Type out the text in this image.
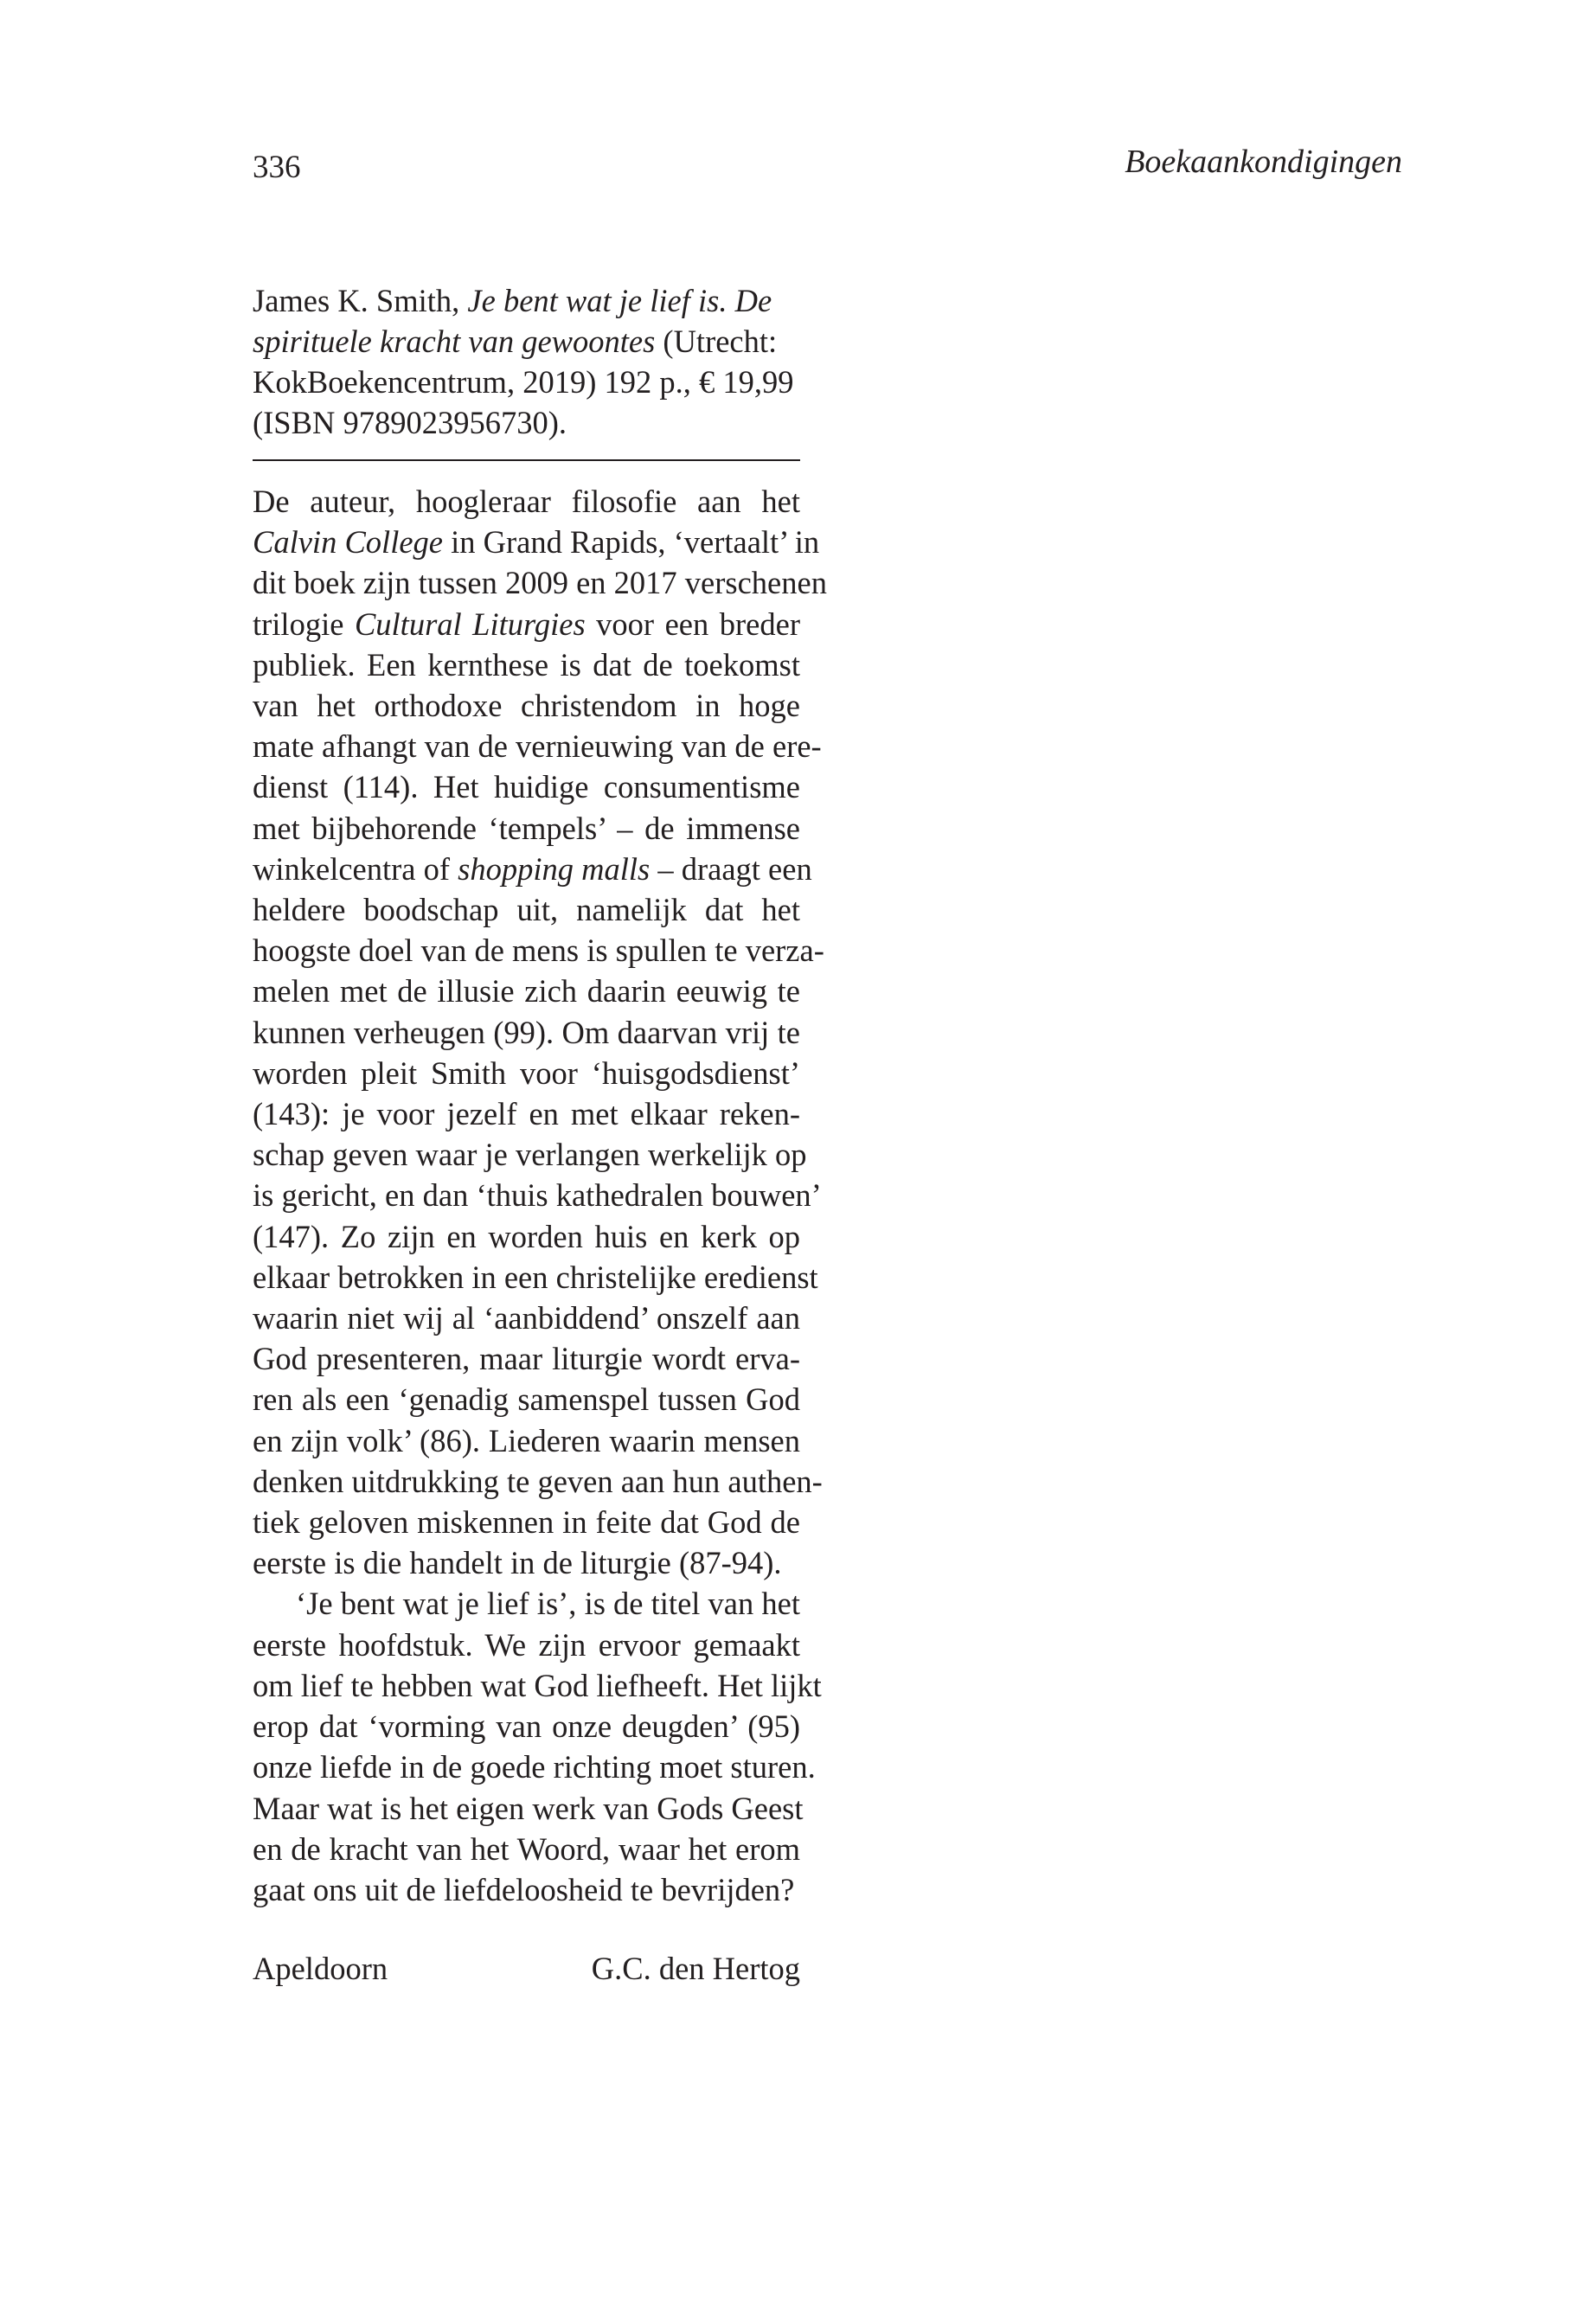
336	Boekaankondigingen
James K. Smith, Je bent wat je lief is. De
spirituele kracht van gewoontes (Utrecht:
KokBoekencentrum, 2019) 192 p., € 19,99
(ISBN 9789023956730).
De auteur, hoogleraar filosofie aan het
Calvin College in Grand Rapids, ‘vertaalt’ in
dit boek zijn tussen 2009 en 2017 verschenen
trilogie Cultural Liturgies voor een breder
publiek. Een kernthese is dat de toekomst
van het orthodoxe christendom in hoge
mate afhangt van de vernieuwing van de ere-
dienst (114). Het huidige consumentisme
met bijbehorende ‘tempels’ – de immense
winkelcentra of shopping malls – draagt een
heldere boodschap uit, namelijk dat het
hoogste doel van de mens is spullen te verza-
melen met de illusie zich daarin eeuwig te
kunnen verheugen (99). Om daarvan vrij te
worden pleit Smith voor ‘huisgodsdienst’
(143): je voor jezelf en met elkaar reken-
schap geven waar je verlangen werkelijk op
is gericht, en dan ‘thuis kathedralen bouwen’
(147). Zo zijn en worden huis en kerk op
elkaar betrokken in een christelijke eredienst
waarin niet wij al ‘aanbiddend’ onszelf aan
God presenteren, maar liturgie wordt erva-
ren als een ‘genadig samenspel tussen God
en zijn volk’ (86). Liederen waarin mensen
denken uitdrukking te geven aan hun authen-
tiek geloven miskennen in feite dat God de
eerste is die handelt in de liturgie (87-94).
‘Je bent wat je lief is’, is de titel van het
eerste hoofdstuk. We zijn ervoor gemaakt
om lief te hebben wat God liefheeft. Het lijkt
erop dat ‘vorming van onze deugden’ (95)
onze liefde in de goede richting moet sturen.
Maar wat is het eigen werk van Gods Geest
en de kracht van het Woord, waar het erom
gaat ons uit de liefdeloosheid te bevrijden?
Apeldoorn	G.C. den Hertog
